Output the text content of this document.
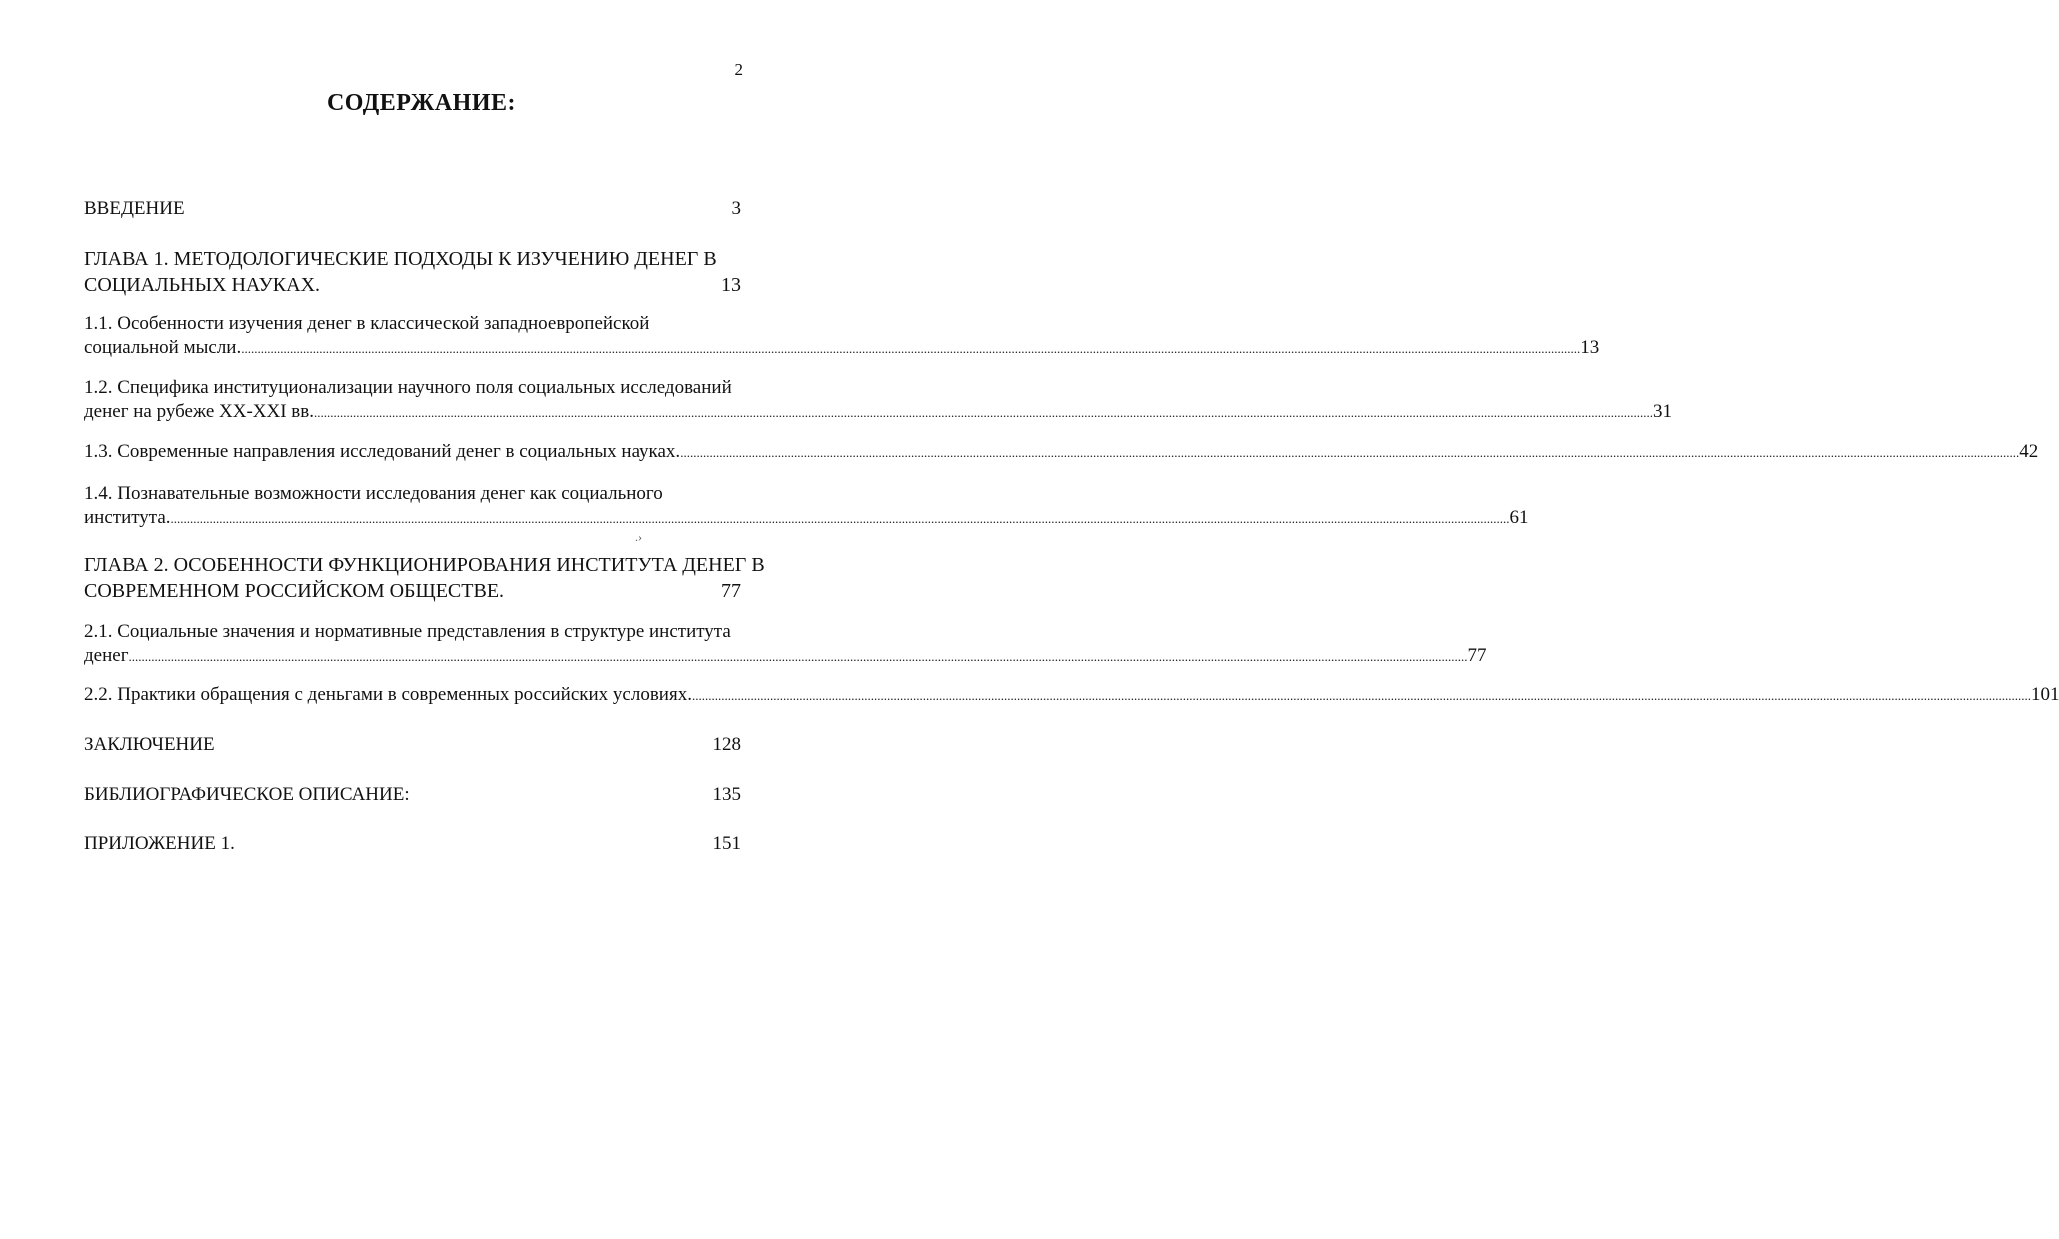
2
СОДЕРЖАНИЕ:
ВВЕДЕНИЕ	3
ГЛАВА 1. МЕТОДОЛОГИЧЕСКИЕ ПОДХОДЫ К ИЗУЧЕНИЮ ДЕНЕГ В
СОЦИАЛЬНЫХ НАУКАХ.	13
1.1. Особенности изучения денег в классической западноевропейской
социальной мысли. .....	13
1.2. Специфика институционализации научного поля социальных исследований
денег на рубеже XX-XXI вв. .....	31
1.3. Современные направления исследований денег в социальных науках. .....	42
1.4. Познавательные возможности исследования денег как социального
института. .....	61
.›
ГЛАВА 2. ОСОБЕННОСТИ ФУНКЦИОНИРОВАНИЯ ИНСТИТУТА ДЕНЕГ В
СОВРЕМЕННОМ РОССИЙСКОМ ОБЩЕСТВЕ.	77
2.1. Социальные значения и нормативные представления в структуре института
денег .....	77
2.2. Практики обращения с деньгами в современных российских условиях. .....	101
ЗАКЛЮЧЕНИЕ	128
БИБЛИОГРАФИЧЕСКОЕ ОПИСАНИЕ:	135
ПРИЛОЖЕНИЕ 1.	151
